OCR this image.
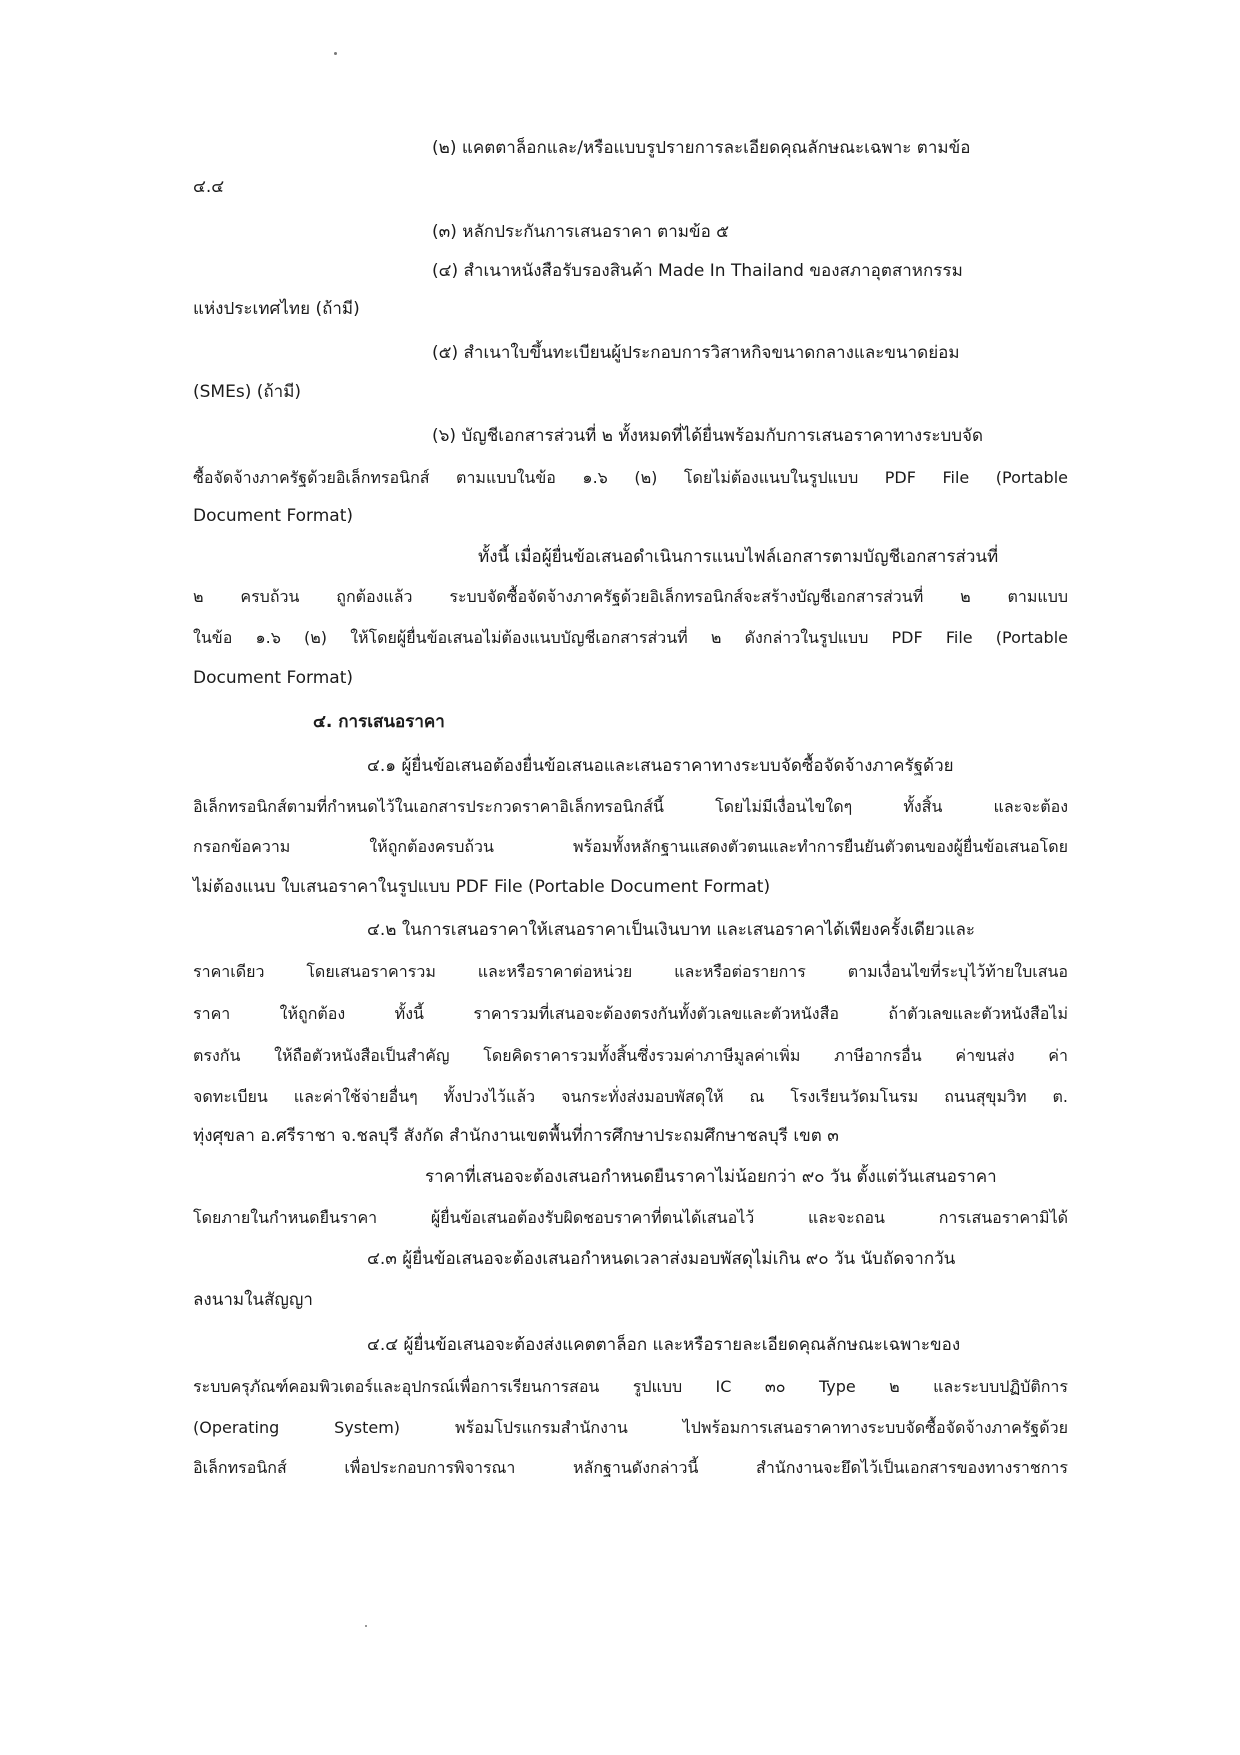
(๒) แคตตาล็อกและ/หรือแบบรูปรายการละเอียดคุณลักษณะเฉพาะ ตามข้อ

๔.๔

(๓) หลักประกันการเสนอราคา ตามข้อ ๕

(๔) สำเนาหนังสือรับรองสินค้า Made In Thailand ของสภาอุตสาหกรรม

แห่งประเทศไทย (ถ้ามี)

(๕) สำเนาใบขึ้นทะเบียนผู้ประกอบการวิสาหกิจขนาดกลางและขนาดย่อม

(SMEs) (ถ้ามี)

(๖) บัญชีเอกสารส่วนที่ ๒ ทั้งหมดที่ได้ยื่นพร้อมกับการเสนอราคาทางระบบจัด

ซื้อจัดจ้างภาครัฐด้วยอิเล็กทรอนิกส์ ตามแบบในข้อ ๑.๖ (๒) โดยไม่ต้องแนบในรูปแบบ PDF File (Portable

Document Format)

ทั้งนี้ เมื่อผู้ยื่นข้อเสนอดำเนินการแนบไฟล์เอกสารตามบัญชีเอกสารส่วนที่

๒ ครบถ้วน ถูกต้องแล้ว ระบบจัดซื้อจัดจ้างภาครัฐด้วยอิเล็กทรอนิกส์จะสร้างบัญชีเอกสารส่วนที่ ๒ ตามแบบ

ในข้อ ๑.๖ (๒) ให้โดยผู้ยื่นข้อเสนอไม่ต้องแนบบัญชีเอกสารส่วนที่ ๒ ดังกล่าวในรูปแบบ PDF File (Portable

Document Format)

๔. การเสนอราคา

๔.๑ ผู้ยื่นข้อเสนอต้องยื่นข้อเสนอและเสนอราคาทางระบบจัดซื้อจัดจ้างภาครัฐด้วย

อิเล็กทรอนิกส์ตามที่กำหนดไว้ในเอกสารประกวดราคาอิเล็กทรอนิกส์นี้ โดยไม่มีเงื่อนไขใดๆ ทั้งสิ้น และจะต้อง

กรอกข้อความ ให้ถูกต้องครบถ้วน พร้อมทั้งหลักฐานแสดงตัวตนและทำการยืนยันตัวตนของผู้ยื่นข้อเสนอโดย

ไม่ต้องแนบ ใบเสนอราคาในรูปแบบ PDF File (Portable Document Format)

๔.๒ ในการเสนอราคาให้เสนอราคาเป็นเงินบาท และเสนอราคาได้เพียงครั้งเดียวและ

ราคาเดียว โดยเสนอราคารวม และหรือราคาต่อหน่วย และหรือต่อรายการ ตามเงื่อนไขที่ระบุไว้ท้ายใบเสนอ

ราคา ให้ถูกต้อง ทั้งนี้ ราคารวมที่เสนอจะต้องตรงกันทั้งตัวเลขและตัวหนังสือ ถ้าตัวเลขและตัวหนังสือไม่

ตรงกัน ให้ถือตัวหนังสือเป็นสำคัญ โดยคิดราคารวมทั้งสิ้นซึ่งรวมค่าภาษีมูลค่าเพิ่ม ภาษีอากรอื่น ค่าขนส่ง ค่า

จดทะเบียน และค่าใช้จ่ายอื่นๆ ทั้งปวงไว้แล้ว จนกระทั่งส่งมอบพัสดุให้ ณ โรงเรียนวัดมโนรม ถนนสุขุมวิท ต.

ทุ่งศุขลา อ.ศรีราชา จ.ชลบุรี สังกัด สำนักงานเขตพื้นที่การศึกษาประถมศึกษาชลบุรี เขต ๓

ราคาที่เสนอจะต้องเสนอกำหนดยืนราคาไม่น้อยกว่า ๙๐ วัน ตั้งแต่วันเสนอราคา

โดยภายในกำหนดยืนราคา ผู้ยื่นข้อเสนอต้องรับผิดชอบราคาที่ตนได้เสนอไว้ และจะถอน การเสนอราคามิได้

๔.๓ ผู้ยื่นข้อเสนอจะต้องเสนอกำหนดเวลาส่งมอบพัสดุไม่เกิน ๙๐ วัน นับถัดจากวัน

ลงนามในสัญญา

๔.๔ ผู้ยื่นข้อเสนอจะต้องส่งแคตตาล็อก และหรือรายละเอียดคุณลักษณะเฉพาะของ

ระบบครุภัณฑ์คอมพิวเตอร์และอุปกรณ์เพื่อการเรียนการสอน รูปแบบ IC ๓๐ Type ๒ และระบบปฏิบัติการ

(Operating System) พร้อมโปรแกรมสำนักงาน ไปพร้อมการเสนอราคาทางระบบจัดซื้อจัดจ้างภาครัฐด้วย

อิเล็กทรอนิกส์ เพื่อประกอบการพิจารณา หลักฐานดังกล่าวนี้ สำนักงานจะยึดไว้เป็นเอกสารของทางราชการ
